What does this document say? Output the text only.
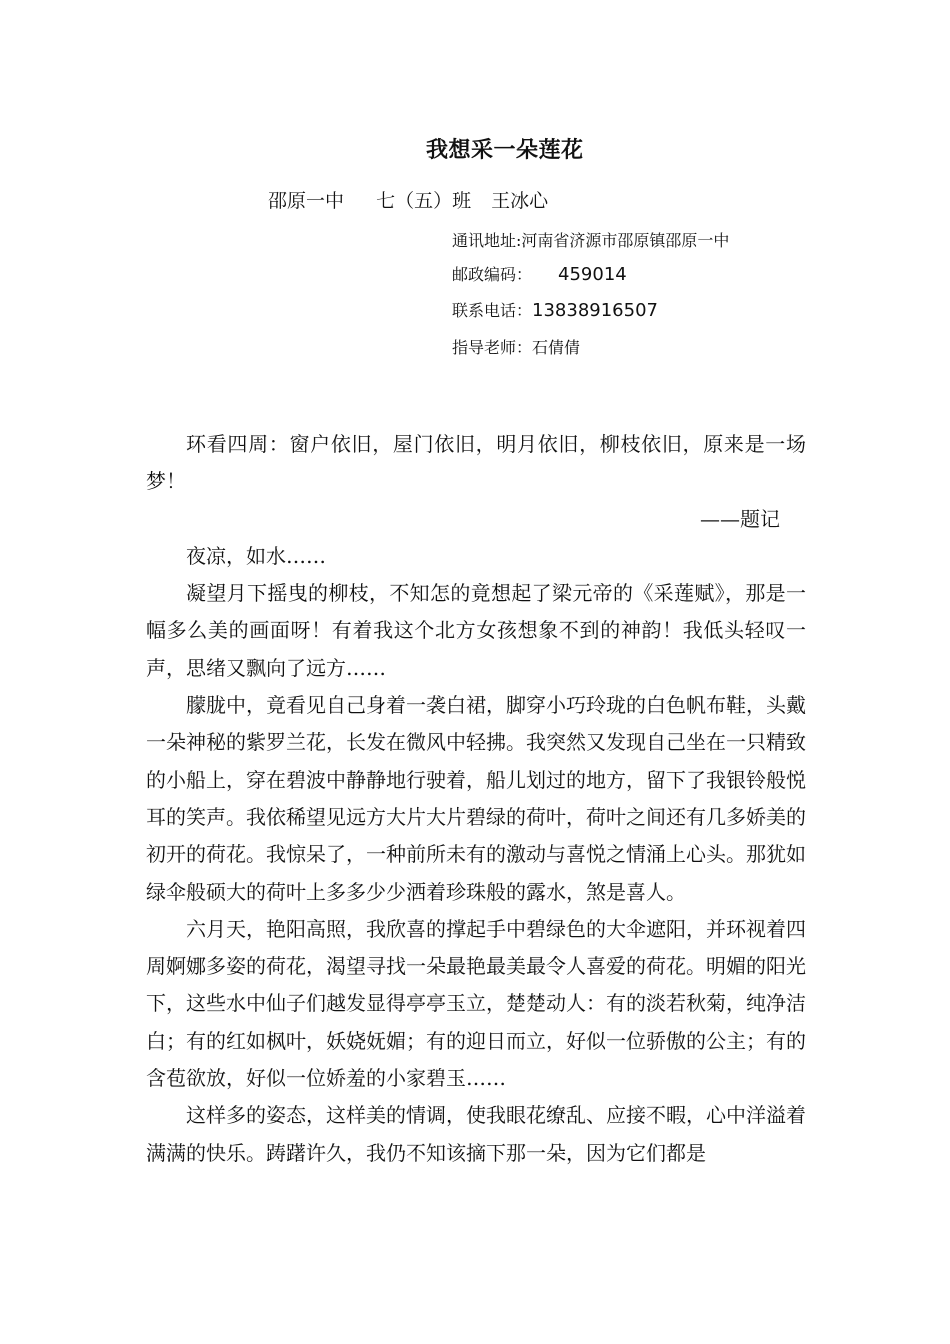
我想采一朵莲花
邵原一中 七（五）班 王冰心
通讯地址:河南省济源市邵原镇邵原一中
邮政编码： 459014
联系电话：13838916507
指导老师：石倩倩

环看四周：窗户依旧，屋门依旧，明月依旧，柳枝依旧，原来是一场梦！

——题记

夜凉，如水……

凝望月下摇曳的柳枝，不知怎的竟想起了梁元帝的《采莲赋》，那是一幅多么美的画面呀！有着我这个北方女孩想象不到的神韵！我低头轻叹一声，思绪又飘向了远方……

朦胧中，竟看见自己身着一袭白裙，脚穿小巧玲珑的白色帆布鞋，头戴一朵神秘的紫罗兰花，长发在微风中轻拂。我突然又发现自己坐在一只精致的小船上，穿在碧波中静静地行驶着，船儿划过的地方，留下了我银铃般悦耳的笑声。我依稀望见远方大片大片碧绿的荷叶，荷叶之间还有几多娇美的初开的荷花。我惊呆了，一种前所未有的激动与喜悦之情涌上心头。那犹如绿伞般硕大的荷叶上多多少少洒着珍珠般的露水，煞是喜人。

六月天，艳阳高照，我欣喜的撑起手中碧绿色的大伞遮阳，并环视着四周婀娜多姿的荷花，渴望寻找一朵最艳最美最令人喜爱的荷花。明媚的阳光下，这些水中仙子们越发显得亭亭玉立，楚楚动人：有的淡若秋菊，纯净洁白；有的红如枫叶，妖娆妩媚；有的迎日而立，好似一位骄傲的公主；有的含苞欲放，好似一位娇羞的小家碧玉……

这样多的姿态，这样美的情调，使我眼花缭乱、应接不暇，心中洋溢着满满的快乐。踌躇许久，我仍不知该摘下那一朵，因为它们都是
